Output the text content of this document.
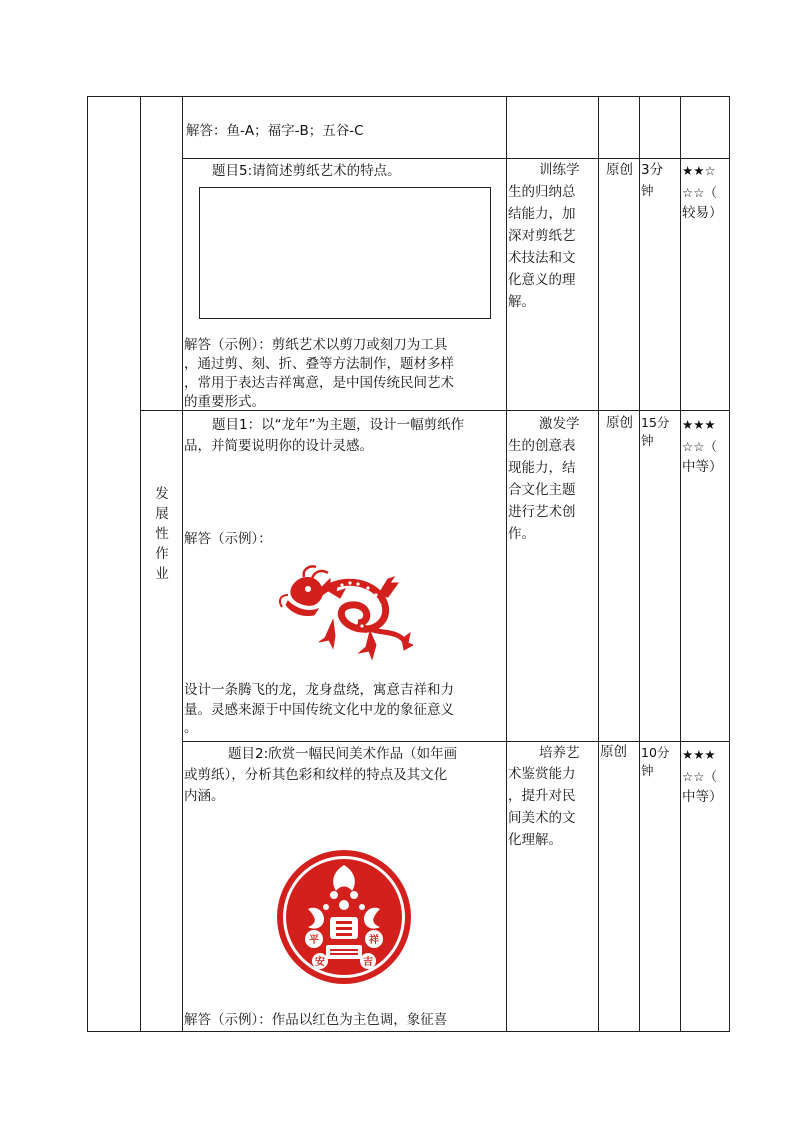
发展性作业

解答：鱼-A；福字-B；五谷-C

题目5:请简述剪纸艺术的特点。

解答（示例）：剪纸艺术以剪刀或刻刀为工具

，通过剪、刻、折、叠等方法制作，题材多样

，常用于表达吉祥寓意，是中国传统民间艺术

的重要形式。

训练学

生的归纳总

结能力，加

深对剪纸艺

术技法和文

化意义的理

解。

原创 3分

钟

★★☆

☆☆（

较易）

题目1：以“龙年”为主题，设计一幅剪纸作

品，并简要说明你的设计灵感。

解答（示例）：

设计一条腾飞的龙，龙身盘绕，寓意吉祥和力

量。灵感来源于中国传统文化中龙的象征意义

。

激发学

生的创意表

现能力，结

合文化主题

进行艺术创

作。

原创 15分

钟

★★★

☆☆（

中等）

题目2:欣赏一幅民间美术作品（如年画

或剪纸），分析其色彩和纹样的特点及其文化

内涵。

平
安	吉
祥

解答（示例）：作品以红色为主色调，象征喜

培养艺

术鉴赏能力

，提升对民

间美术的文

化理解。

原创 10分

钟

★★★

☆☆（

中等）
